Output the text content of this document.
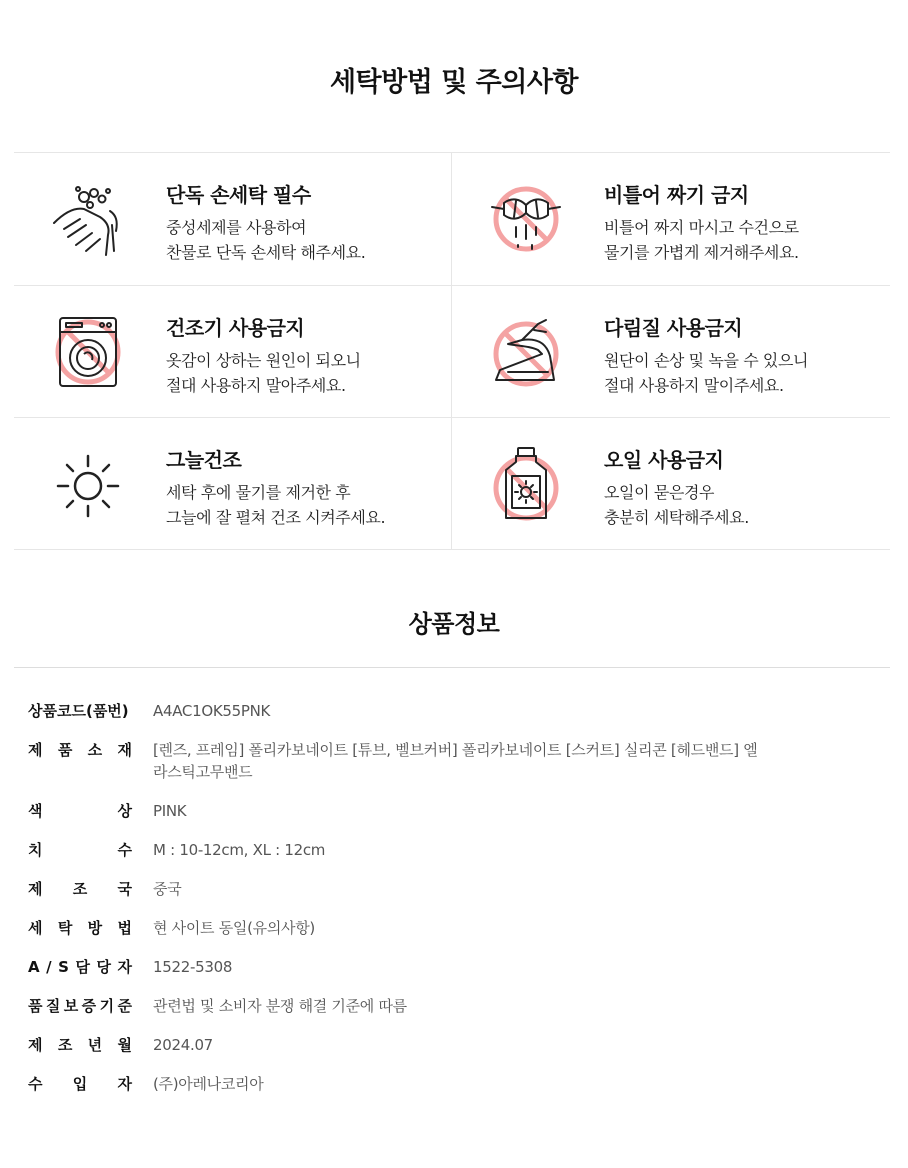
세탁방법 및 주의사항
단독 손세탁 필수
중성세제를 사용하여
찬물로 단독 손세탁 해주세요.
비틀어 짜기 금지
비틀어 짜지 마시고 수건으로
물기를 가볍게 제거해주세요.
건조기 사용금지
옷감이 상하는 원인이 되오니
절대 사용하지 말아주세요.
다림질 사용금지
원단이 손상 및 녹을 수 있으니
절대 사용하지 말이주세요.
그늘건조
세탁 후에 물기를 제거한 후
그늘에 잘 펼쳐 건조 시켜주세요.
오일 사용금지
오일이 묻은경우
충분히 세탁해주세요.
상품정보
상품코드(품번) A4AC1OK55PNK
제 품 소 재 [렌즈, 프레임] 폴리카보네이트 [튜브, 벨브커버] 폴리카보네이트 [스커트] 실리콘 [헤드밴드] 엘라스틱고무밴드
색	상 PINK
치	수 M : 10-12cm, XL : 12cm
제 조 국 중국
세 탁 방 법 현 사이트 동일(유의사항)
A / S 담 당 자 1522-5308
품 질 보 증 기 준 관련법 및 소비자 분쟁 해결 기준에 따름
제 조 년 월 2024.07
수 입 자 (주)아레나코리아
